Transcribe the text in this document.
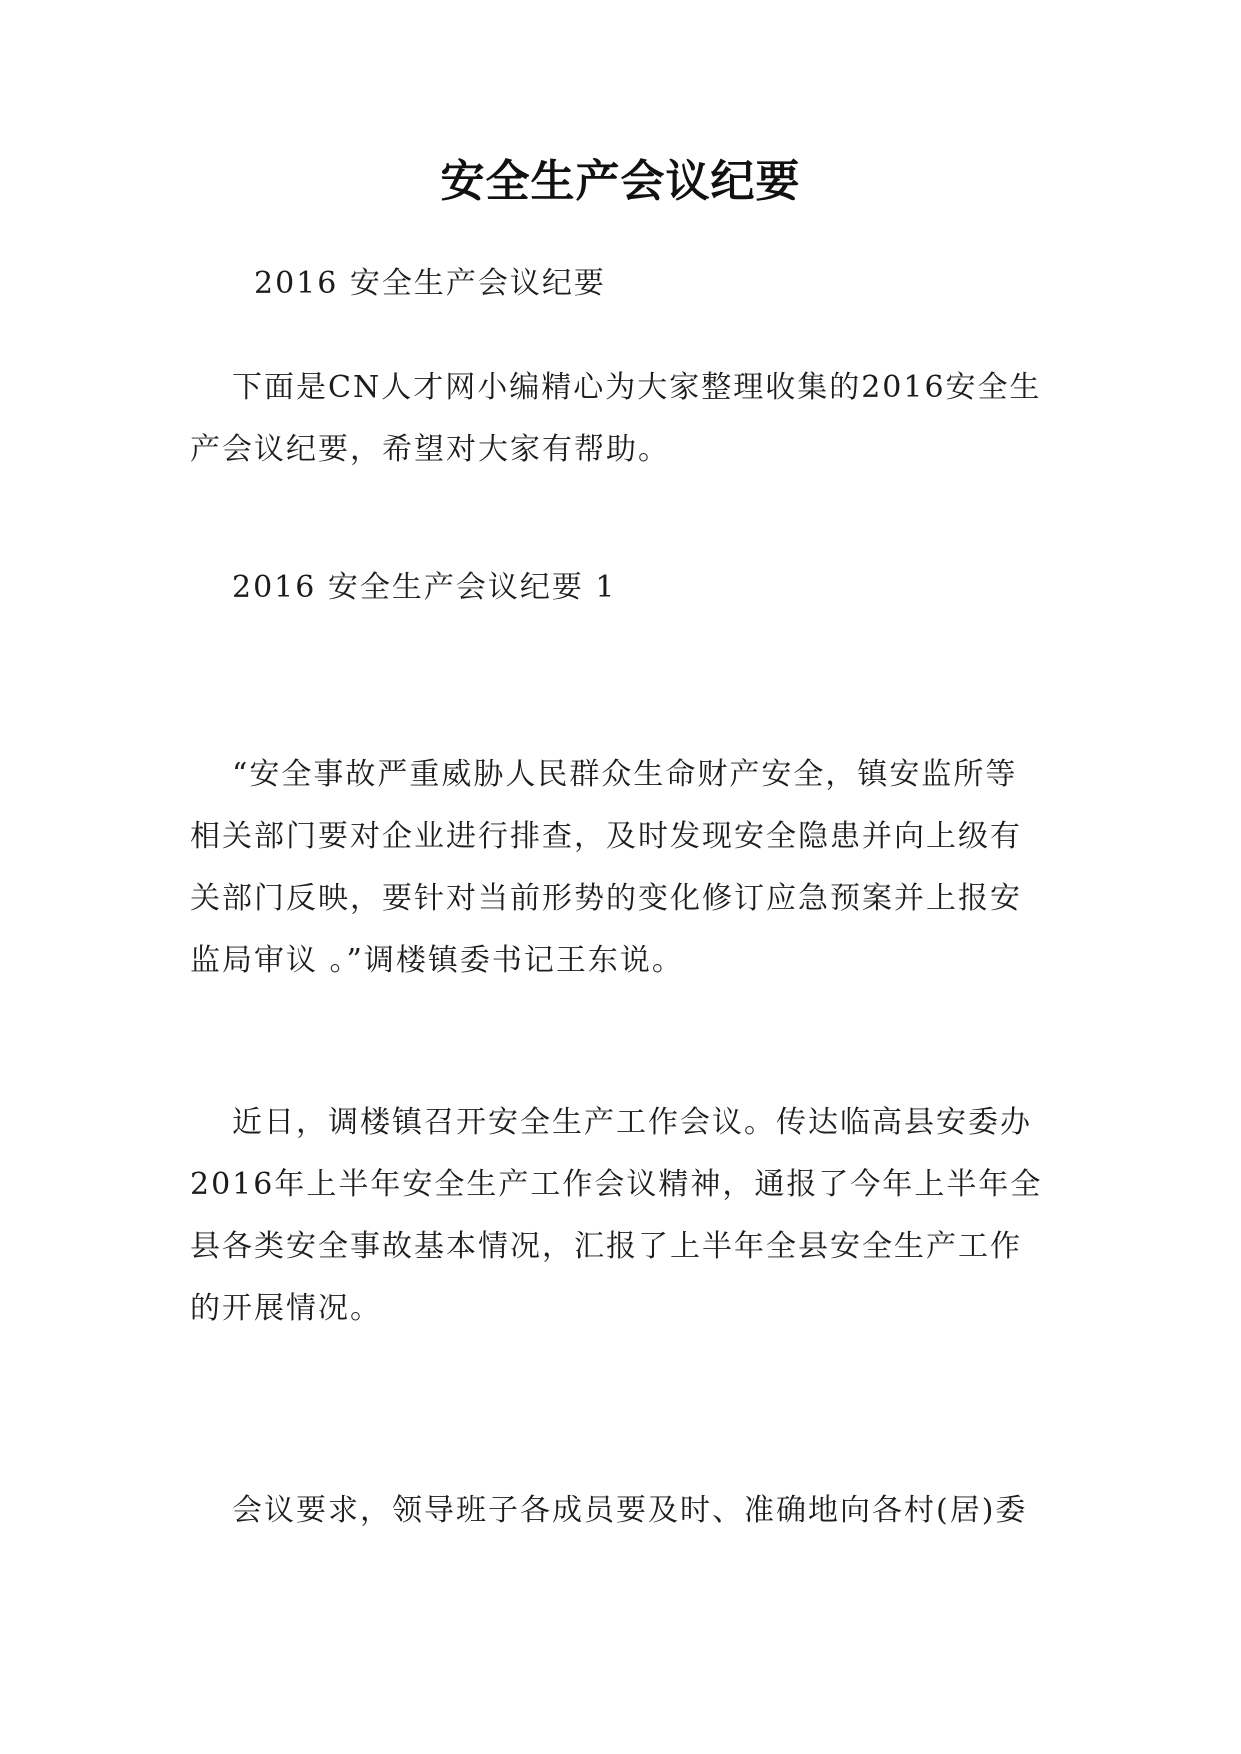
安全生产会议纪要
2016 安全生产会议纪要
下面是CN人才网小编精心为大家整理收集的2016安全生
产会议纪要，希望对大家有帮助。
2016 安全生产会议纪要 1
“安全事故严重威胁人民群众生命财产安全，镇安监所等
相关部门要对企业进行排查，及时发现安全隐患并向上级有
关部门反映，要针对当前形势的变化修订应急预案并上报安
监局审议 。”调楼镇委书记王东说。
近日，调楼镇召开安全生产工作会议。传达临高县安委办
2016年上半年安全生产工作会议精神，通报了今年上半年全
县各类安全事故基本情况，汇报了上半年全县安全生产工作
的开展情况。
会议要求，领导班子各成员要及时、准确地向各村(居)委
